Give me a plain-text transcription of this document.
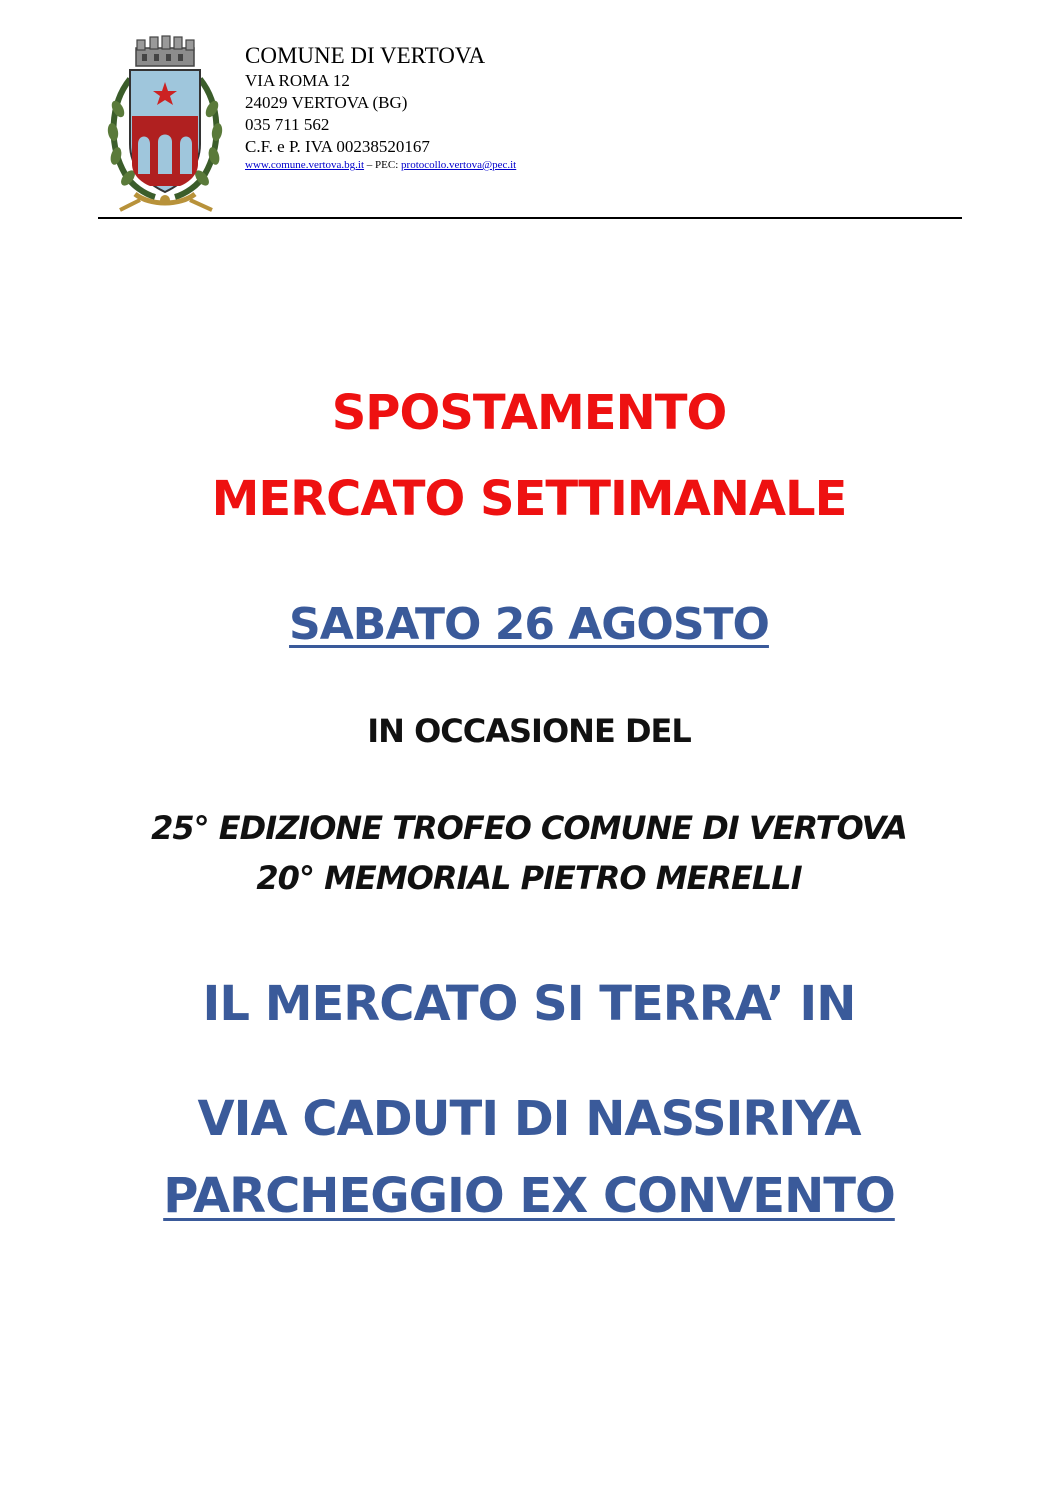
COMUNE DI VERTOVA

VIA ROMA 12

24029 VERTOVA (BG)

035 711 562

C.F. e P. IVA 00238520167

www.comune.vertova.bg.it – PEC: protocollo.vertova@pec.it

SPOSTAMENTO
MERCATO SETTIMANALE
SABATO 26 AGOSTO
IN OCCASIONE DEL
25° EDIZIONE TROFEO COMUNE DI VERTOVA
20° MEMORIAL PIETRO MERELLI
IL MERCATO SI TERRA’ IN
VIA CADUTI DI NASSIRIYA
PARCHEGGIO EX CONVENTO
